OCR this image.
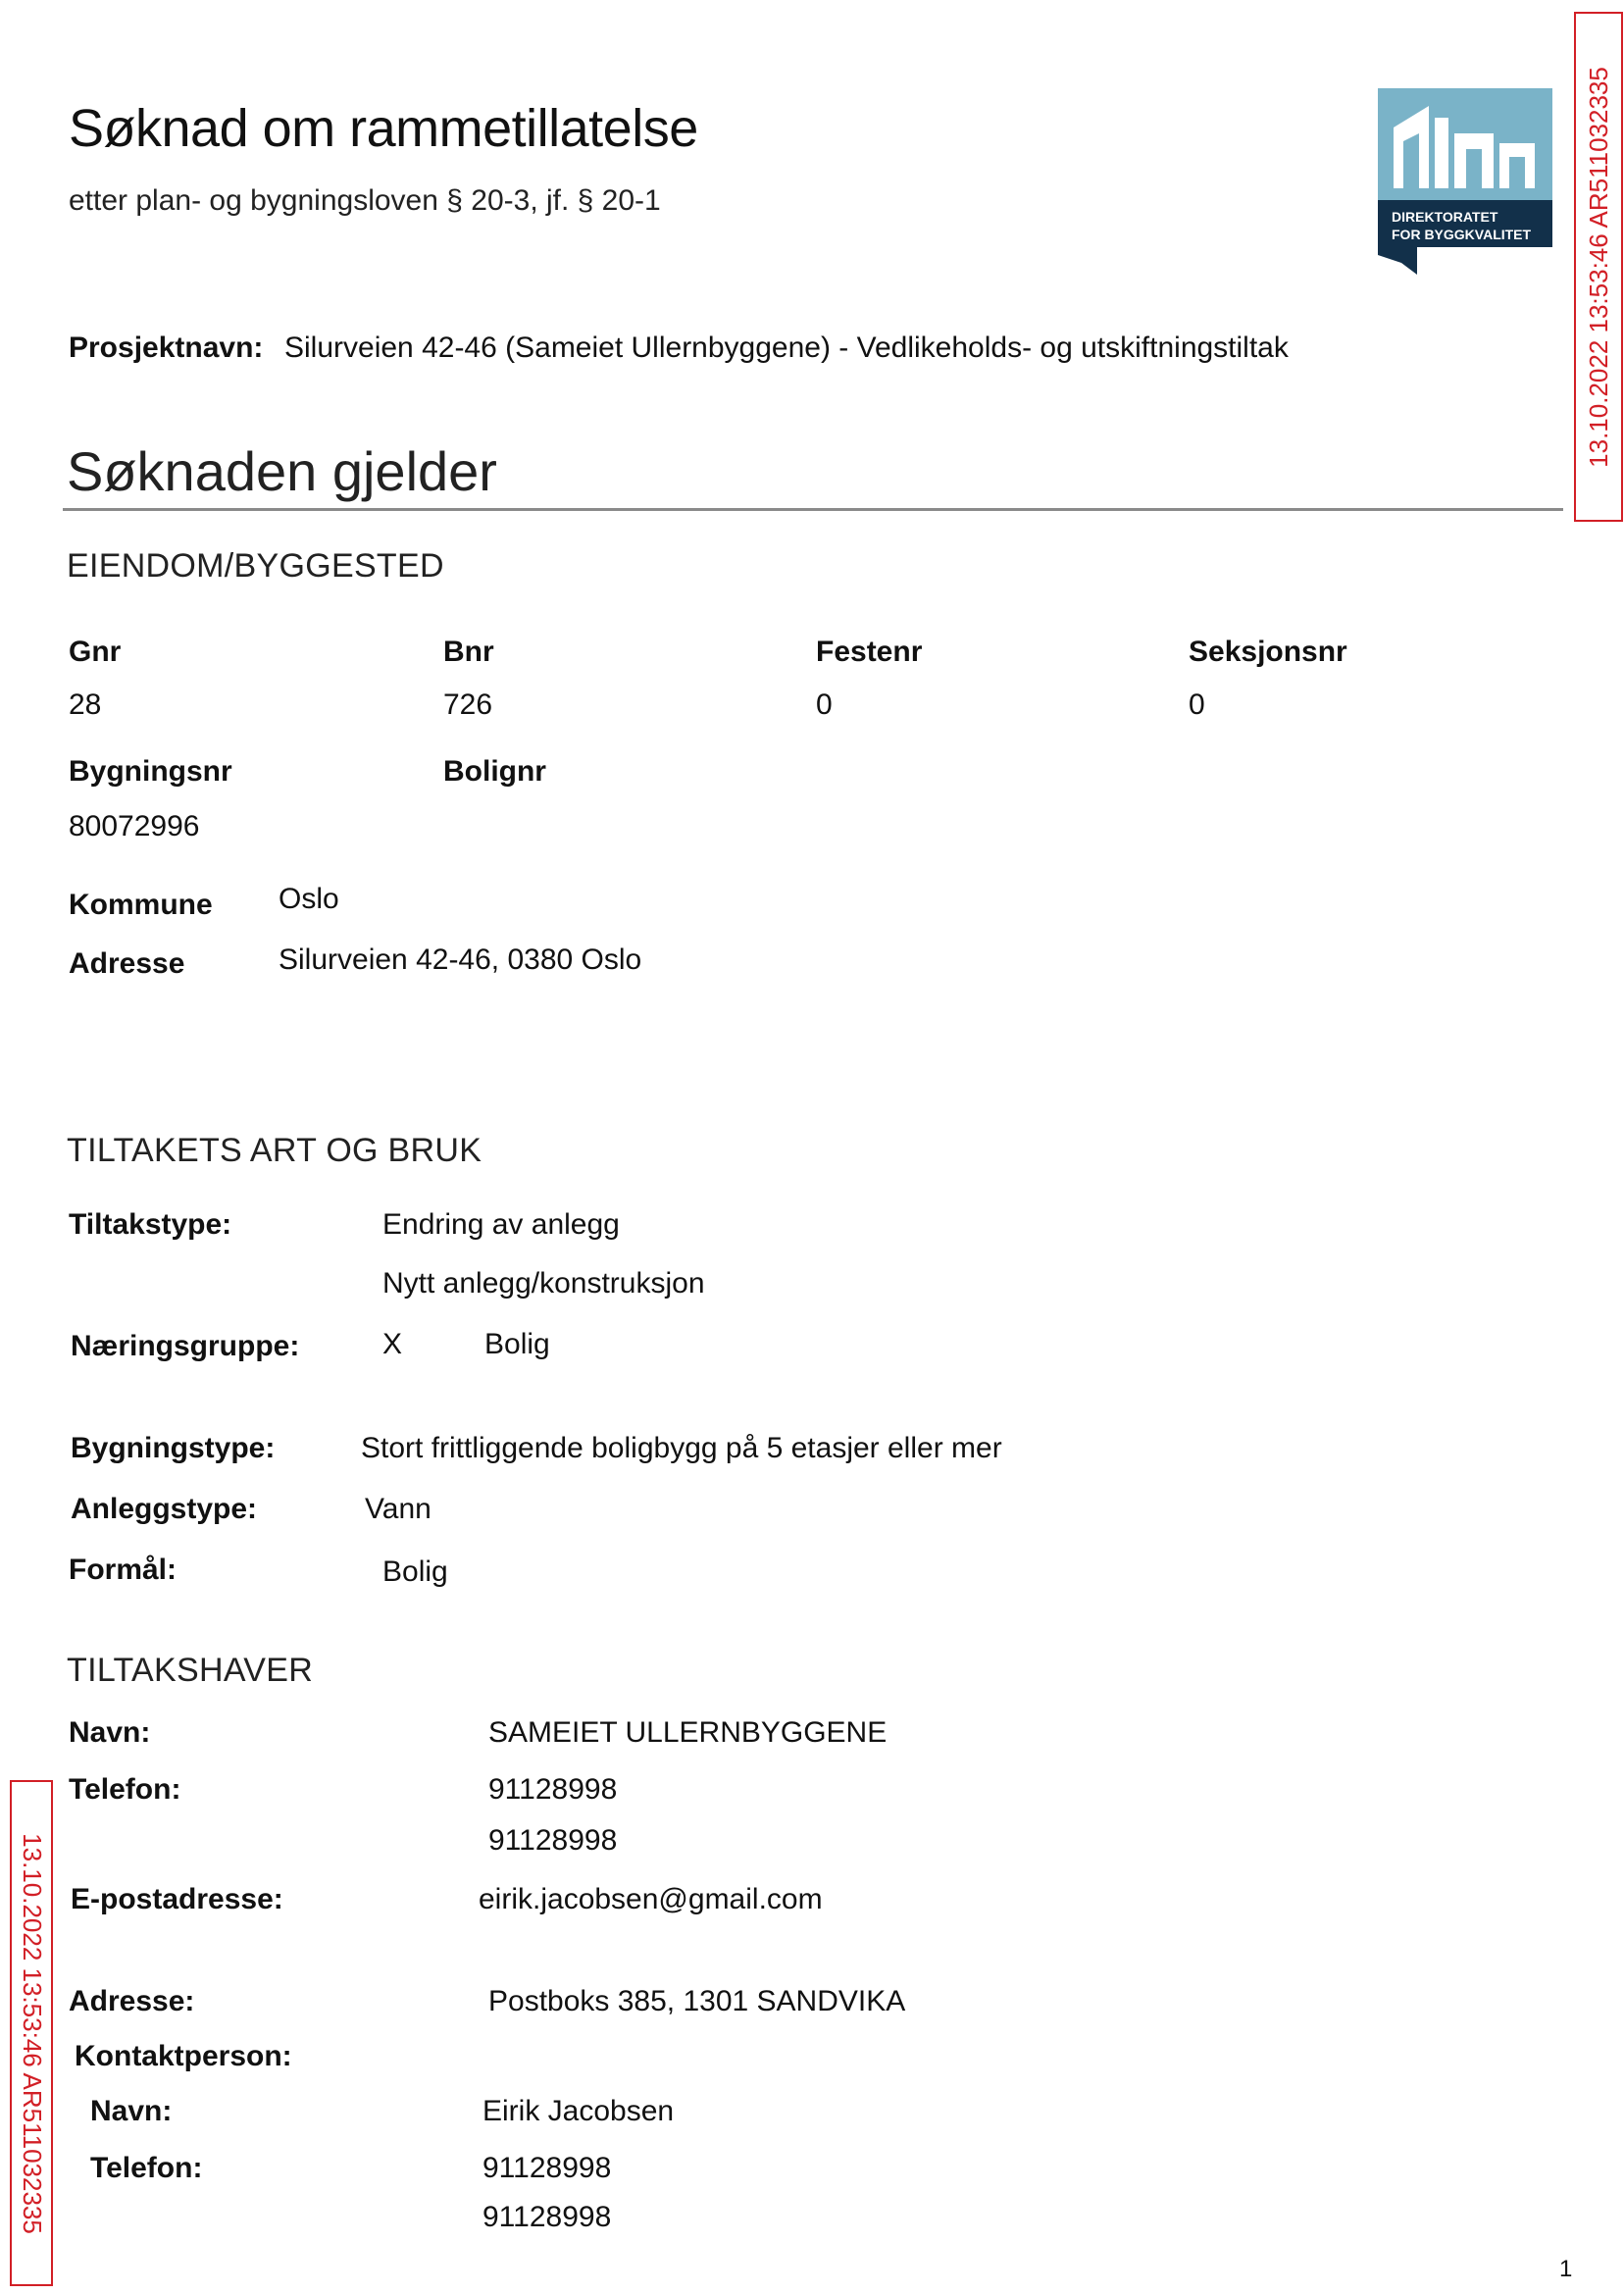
Søknad om rammetillatelse
etter plan- og bygningsloven § 20-3, jf. § 20-1	DIREKTORATET
FOR BYGGKVALITET
Prosjektnavn: Silurveien 42-46 (Sameiet Ullernbyggene) - Vedlikeholds- og utskiftningstiltak
Søknaden gjelder
EIENDOM/BYGGESTED
Gnr	Bnr	Festenr	Seksjonsnr
28	726	0	0
Bygningsnr	Bolignr
80072996
Kommune Oslo
Adresse	Silurveien 42-46, 0380 Oslo
TILTAKETS ART OG BRUK
Tiltakstype:	Endring av anlegg
Nytt anlegg/konstruksjon
Næringsgruppe:	X	Bolig
Bygningstype:	Stort frittliggende boligbygg på 5 etasjer eller mer
Anleggstype:	Vann
Formål:	Bolig
TILTAKSHAVER
Navn:	SAMEIET ULLERNBYGGENE
Telefon:	91128998
91128998
E-postadresse:	eirik.jacobsen@gmail.com
Adresse:	Postboks 385, 1301 SANDVIKA
Kontaktperson:
Navn:	Eirik Jacobsen
Telefon:	91128998
91128998
13.10.2022 13:53:46 AR511032335
13.10.2022 13:53:46 AR511032335
1
